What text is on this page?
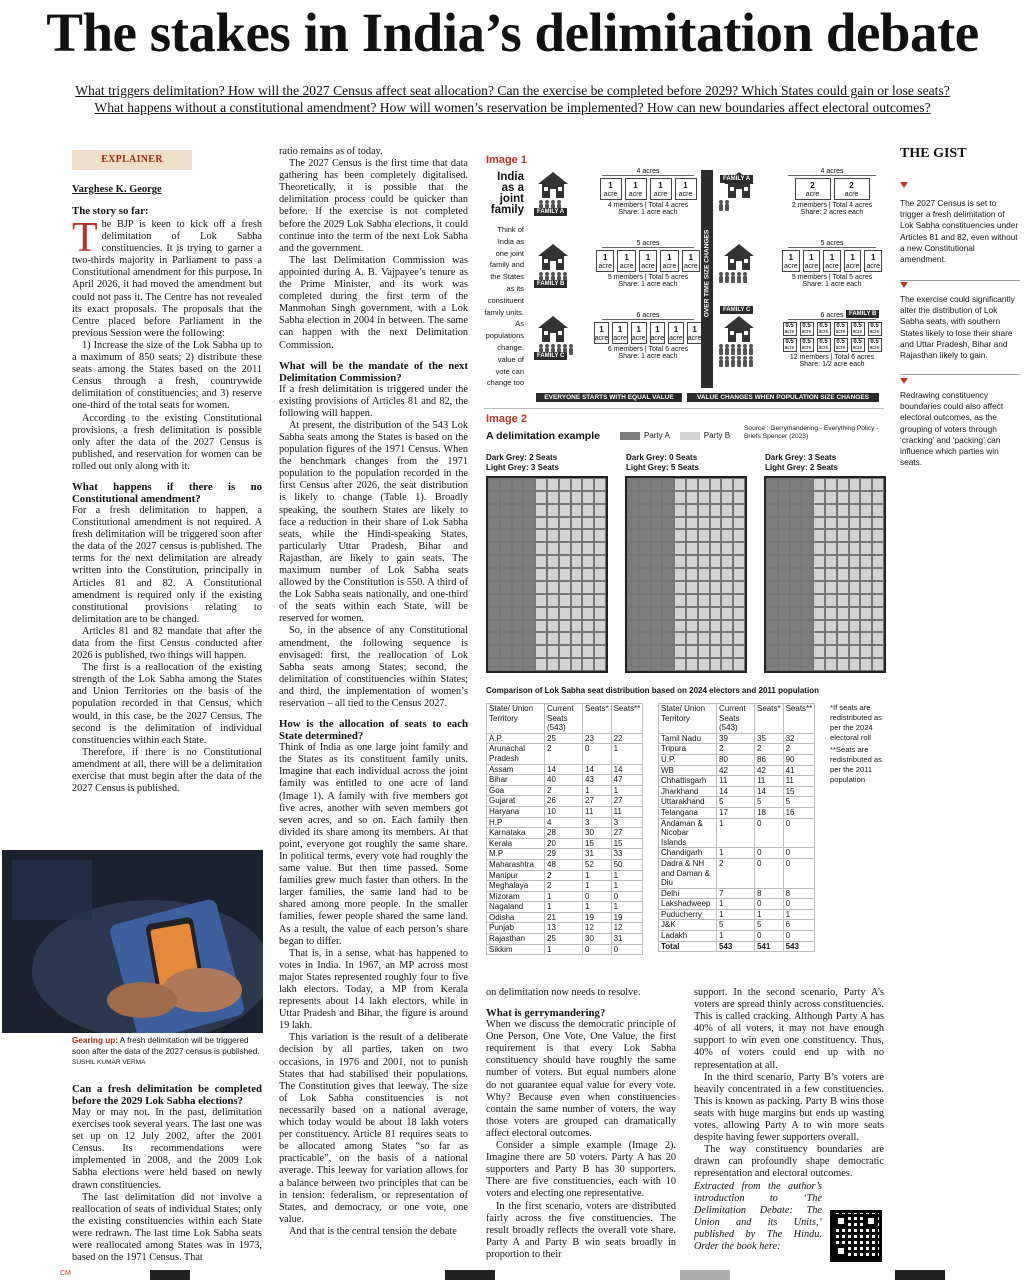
The stakes in India’s delimitation debate
What triggers delimitation? How will the 2027 Census affect seat allocation? Can the exercise be completed before 2029? Which States could gain or lose seats?
What happens without a constitutional amendment? How will women’s reservation be implemented? How can new boundaries affect electoral outcomes?
EXPLAINER
Varghese K. George
The story so far:

The BJP is keen to kick off a fresh delimitation of Lok Sabha constituencies. It is trying to garner a two-thirds majority in Parliament to pass a Constitutional amendment for this purpose. In April 2026, it had moved the amendment but could not pass it. The Centre has not revealed its exact proposals. The proposals that the Centre placed before Parliament in the previous Session were the following:

1) Increase the size of the Lok Sabha up to a maximum of 850 seats; 2) distribute these seats among the States based on the 2011 Census through a fresh, countrywide delimitation of constituencies; and 3) reserve one-third of the total seats for women.

According to the existing Constitutional provisions, a fresh delimitation is possible only after the data of the 2027 Census is published, and reservation for women can be rolled out only along with it.

What happens if there is no Constitutional amendment?

For a fresh delimitation to happen, a Constitutional amendment is not required. A fresh delimitation will be triggered soon after the data of the 2027 census is published. The terms for the next delimitation are already written into the Constitution, principally in Articles 81 and 82. A Constitutional amendment is required only if the existing constitutional provisions relating to delimitation are to be changed.

Articles 81 and 82 mandate that after the data from the first Census conducted after 2026 is published, two things will happen.

The first is a reallocation of the existing strength of the Lok Sabha among the States and Union Territories on the basis of the population recorded in that Census, which would, in this case, be the 2027 Census. The second is the delimitation of individual constituencies within each State.

Therefore, if there is no Constitutional amendment at all, there will be a delimitation exercise that must begin after the data of the 2027 Census is published.

Gearing up: A fresh delimitation will be triggered soon after the data of the 2027 census is published. SUSHIL KUMAR VERMA
Can a fresh delimitation be completed before the 2029 Lok Sabha elections?

May or may not. In the past, delimitation exercises took several years. The last one was set up on 12 July 2002, after the 2001 Census. Its recommendations were implemented in 2008, and the 2009 Lok Sabha elections were held based on newly drawn constituencies.

The last delimitation did not involve a reallocation of seats of individual States; only the existing constituencies within each State were redrawn. The last time Lok Sabha seats were reallocated among States was in 1973, based on the 1971 Census. That

ratio remains as of today.

The 2027 Census is the first time that data gathering has been completely digitalised. Theoretically, it is possible that the delimitation process could be quicker than before. If the exercise is not completed before the 2029 Lok Sabha elections, it could continue into the term of the next Lok Sabha and the government.

The last Delimitation Commission was appointed during A. B. Vajpayee’s tenure as the Prime Minister, and its work was completed during the first term of the Manmohan Singh government, with a Lok Sabha election in 2004 in between. The same can happen with the next Delimitation Commission.

What will be the mandate of the next Delimitation Commission?

If a fresh delimitation is triggered under the existing provisions of Articles 81 and 82, the following will happen.

At present, the distribution of the 543 Lok Sabha seats among the States is based on the population figures of the 1971 Census. When the benchmark changes from the 1971 population to the population recorded in the first Census after 2026, the seat distribution is likely to change (Table 1). Broadly speaking, the southern States are likely to face a reduction in their share of Lok Sabha seats, while the Hindi-speaking States, particularly Uttar Pradesh, Bihar and Rajasthan, are likely to gain seats. The maximum number of Lok Sabha seats allowed by the Constitution is 550. A third of the Lok Sabha seats nationally, and one-third of the seats within each State, will be reserved for women.

So, in the absence of any Constitutional amendment, the following sequence is envisaged: first, the reallocation of Lok Sabha seats among States; second, the delimitation of constituencies within States; and third, the implementation of women’s reservation – all tied to the Census 2027.

How is the allocation of seats to each State determined?

Think of India as one large joint family and the States as its constituent family units. Imagine that each individual across the joint family was entitled to one acre of land (Image 1). A family with five members got five acres, another with seven members got seven acres, and so on. Each family then divided its share among its members. At that point, everyone got roughly the same share. In political terms, every vote had roughly the same value. But then time passed. Some families grew much faster than others. In the larger families, the same land had to be shared among more people. In the smaller families, fewer people shared the same land. As a result, the value of each person’s share began to differ.

That is, in a sense, what has happened to votes in India. In 1967, an MP across most major States represented roughly four to five lakh electors. Today, a MP from Kerala represents about 14 lakh electors, while in Uttar Pradesh and Bihar, the figure is around 19 lakh.

This variation is the result of a deliberate decision by all parties, taken on two occasions, in 1976 and 2001, not to punish States that had stabilised their populations. The Constitution gives that leeway. The size of Lok Sabha constituencies is not necessarily based on a national average, which today would be about 18 lakh voters per constituency. Article 81 requires seats to be allocated among States “so far as practicable”, on the basis of a national average. This leeway for variation allows for a balance between two principles that can be in tension: federalism, or representation of States, and democracy, or one vote, one value.

And that is the central tension the debate

Image 1
India as a joint family
Think of India as one joint family and the States as its constituent family units. As populations change, value of vote can change too
FAMILY A
4 acres
1
acre
1
acre
1
acre
1
acre
4 members | Total 4 acres
Share: 1 acre each
FAMILY B
5 acres
1
acre
1
acre
1
acre
1
acre
1
acre
5 members | Total 5 acres
Share: 1 acre each
FAMILY C
6 acres
1
acre
1
acre
1
acre
1
acre
1
acre
1
acre
6 members | Total 6 acres
Share: 1 acre each
OVER TIME SIZE CHANGES
FAMILY A
4 acres
2
acre
2
acre
2 members | Total 4 acres
Share: 2 acres each
FAMILY B
5 acres
1
acre
1
acre
1
acre
1
acre
1
acre
5 members | Total 5 acres
Share: 1 acre each
FAMILY C
6 acres
0.5
acre
0.5
acre
0.5
acre
0.5
acre
0.5
acre
0.5
acre
0.5
acre
0.5
acre
0.5
acre
0.5
acre
0.5
acre
0.5
acre
12 members | Total 6 acres
Share: 1/2 acre each
EVERYONE STARTS WITH EQUAL VALUE	VALUE CHANGES WHEN POPULATION SIZE CHANGES
Image 2
A delimitation example	Party A	Party B
Source : Gerrymandering - Everything Policy - Briefs Spencer (2023)
Dark Grey: 2 Seats
Light Grey: 3 Seats
Dark Grey: 0 Seats
Light Grey: 5 Seats
Dark Grey: 3 Seats
Light Grey: 2 Seats
Comparison of Lok Sabha seat distribution based on 2024 electors and 2011 population
State/ Union Territory	Current Seats (543)	Seats*	Seats**
A.P.	25	23	22
Arunachal Pradesh	2	0	1
Assam	14	14	14
Bihar	40	43	47
Goa	2	1	1
Gujarat	26	27	27
Haryana	10	11	11
H.P	4	3	3
Karnataka	28	30	27
Kerala	20	15	15
M.P	29	31	33
Maharashtra	48	52	50
Manipur	2	1	1
Meghalaya	2	1	1
Mizoram	1	0	0
Nagaland	1	1	1
Odisha	21	19	19
Punjab	13	12	12
Rajasthan	25	30	31
Sikkim	1	0	0
State/ Union Territory	Current Seats (543)	Seats*	Seats**
Tamil Nadu	39	35	32
Tripura	2	2	2
U.P.	80	86	90
WB	42	42	41
Chhattisgarh	11	11	11
Jharkhand	14	14	15
Uttarakhand	5	5	5
Telangana	17	18	16
Andaman & Nicobar Islands	1	0	0
Chandigarh	1	0	0
Dadra & NH and Daman & Diu	2	0	0
Delhi	7	8	8
Lakshadweep	1	0	0
Puducherry	1	1	1
J&K	5	5	6
Ladakh	1	0	0
Total	543	541	543
*If seats are redistributed as per the 2024 electoral roll
**Seats are redistributed as per the 2011 population

on delimitation now needs to resolve.

What is gerrymandering?

When we discuss the democratic principle of One Person, One Vote, One Value, the first requirement is that every Lok Sabha constituency should have roughly the same number of voters. But equal numbers alone do not guarantee equal value for every vote. Why? Because even when constituencies contain the same number of voters, the way those voters are grouped can dramatically affect electoral outcomes.

Consider a simple example (Image 2). Imagine there are 50 voters. Party A has 20 supporters and Party B has 30 supporters. There are five constituencies, each with 10 voters and electing one representative.

In the first scenario, voters are distributed fairly across the five constituencies. The result broadly reflects the overall vote share. Party A and Party B win seats broadly in proportion to their

support. In the second scenario, Party A’s voters are spread thinly across constituencies. This is called cracking. Although Party A has 40% of all voters, it may not have enough support to win even one constituency. Thus, 40% of voters could end up with no representation at all.

In the third scenario, Party B’s voters are heavily concentrated in a few constituencies. This is known as packing. Party B wins those seats with huge margins but ends up wasting votes, allowing Party A to win more seats despite having fewer supporters overall.

The way constituency boundaries are drawn can profoundly shape democratic representation and electoral outcomes.

Extracted from the author’s introduction to ‘The Delimitation Debate: The Union and its Units,’ published by The Hindu. Order the book here:

THE GIST
The 2027 Census is set to trigger a fresh delimitation of Lok Sabha constituencies under Articles 81 and 82, even without a new Constitutional amendment.
The exercise could significantly alter the distribution of Lok Sabha seats, with southern States likely to lose their share and Uttar Pradesh, Bihar and Rajasthan likely to gain.
Redrawing constituency boundaries could also affect electoral outcomes, as the grouping of voters through ‘cracking’ and ‘packing’ can influence which parties win seats.
CM
